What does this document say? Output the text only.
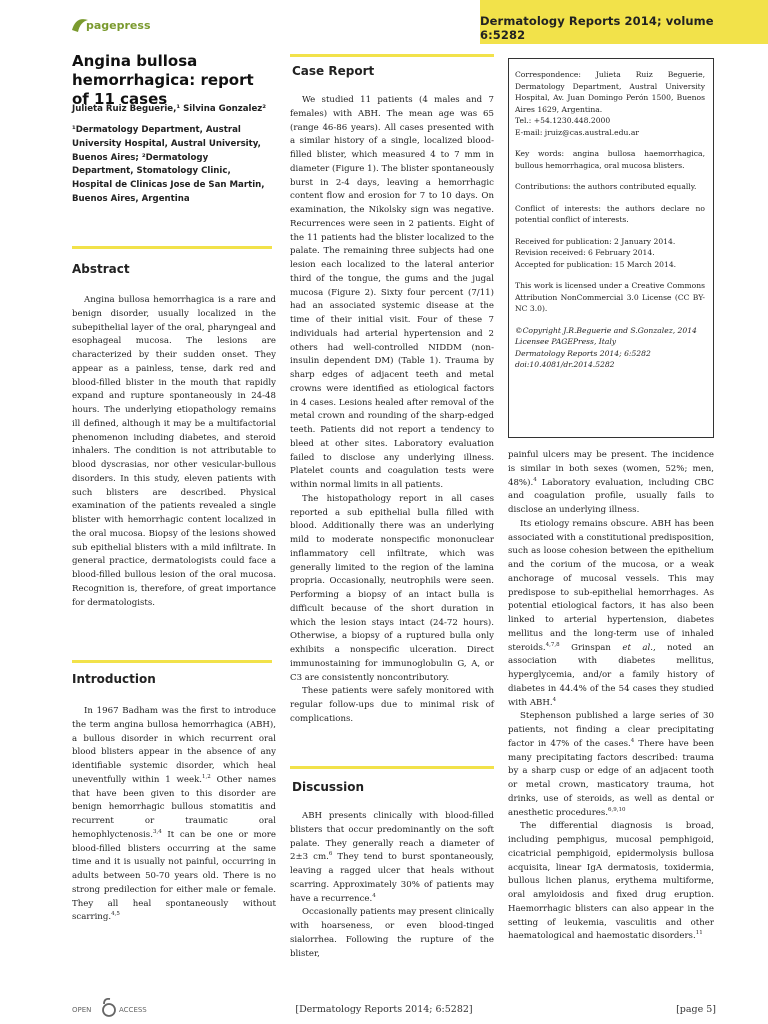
pagepress	Dermatology Reports 2014; volume 6:5282
Angina bullosa hemorrhagica: report of 11 cases
Julieta Ruiz Beguerie,¹ Silvina Gonzalez²
¹Dermatology Department, Austral University Hospital, Austral University, Buenos Aires; ²Dermatology Department, Stomatology Clinic, Hospital de Clinicas Jose de San Martin, Buenos Aires, Argentina
Abstract

Angina bullosa hemorrhagica is a rare and benign disorder, usually localized in the subepithelial layer of the oral, pharyngeal and esophageal mucosa. The lesions are characterized by their sudden onset. They appear as a painless, tense, dark red and blood-filled blister in the mouth that rapidly expand and rupture spontaneously in 24-48 hours. The underlying etiopathology remains ill defined, although it may be a multifactorial phenomenon including diabetes, and steroid inhalers. The condition is not attributable to blood dyscrasias, nor other vesicular-bullous disorders. In this study, eleven patients with such blisters are described. Physical examination of the patients revealed a single blister with hemorrhagic content localized in the oral mucosa. Biopsy of the lesions showed sub epithelial blisters with a mild infiltrate. In general practice, dermatologists could face a blood-filled bullous lesion of the oral mucosa. Recognition is, therefore, of great importance for dermatologists.

Introduction

In 1967 Badham was the first to introduce the term angina bullosa hemorrhagica (ABH), a bullous disorder in which recurrent oral blood blisters appear in the absence of any identifiable systemic disorder, which heal uneventfully within 1 week.$^{1,2}$ Other names that have been given to this disorder are benign hemorrhagic bullous stomatitis and recurrent or traumatic oral hemophlyctenosis.$^{3,4}$ It can be one or more blood-filled blisters occurring at the same time and it is usually not painful, occurring in adults between 50-70 years old. There is no strong predilection for either male or female. They all heal spontaneously without scarring.$^{4,5}$

Case Report

We studied 11 patients (4 males and 7 females) with ABH. The mean age was 65 (range 46-86 years). All cases presented with a similar history of a single, localized blood-filled blister, which measured 4 to 7 mm in diameter (Figure 1). The blister spontaneously burst in 2-4 days, leaving a hemorrhagic content flow and erosion for 7 to 10 days. On examination, the Nikolsky sign was negative. Recurrences were seen in 2 patients. Eight of the 11 patients had the blister localized to the palate. The remaining three subjects had one lesion each localized to the lateral anterior third of the tongue, the gums and the jugal mucosa (Figure 2). Sixty four percent (7/11) had an associated systemic disease at the time of their initial visit. Four of these 7 individuals had arterial hypertension and 2 others had well-controlled NIDDM (non-insulin dependent DM) (Table 1). Trauma by sharp edges of adjacent teeth and metal crowns were identified as etiological factors in 4 cases. Lesions healed after removal of the metal crown and rounding of the sharp-edged teeth. Patients did not report a tendency to bleed at other sites. Laboratory evaluation failed to disclose any underlying illness. Platelet counts and coagulation tests were within normal limits in all patients.

The histopathology report in all cases reported a sub epithelial bulla filled with blood. Additionally there was an underlying mild to moderate nonspecific mononuclear inflammatory cell infiltrate, which was generally limited to the region of the lamina propria. Occasionally, neutrophils were seen. Performing a biopsy of an intact bulla is difficult because of the short duration in which the lesion stays intact (24-72 hours). Otherwise, a biopsy of a ruptured bulla only exhibits a nonspecific ulceration. Direct immunostaining for immunoglobulin G, A, or C3 are consistently noncontributory.

These patients were safely monitored with regular follow-ups due to minimal risk of complications.

Discussion

ABH presents clinically with blood-filled blisters that occur predominantly on the soft palate. They generally reach a diameter of 2±3 cm.$^6$ They tend to burst spontaneously, leaving a ragged ulcer that heals without scarring. Approximately 30% of patients may have a recurrence.$^4$

Occasionally patients may present clinically with hoarseness, or even blood-tinged sialorrhea. Following the rupture of the blister,

Correspondence: Julieta Ruiz Beguerie, Dermatology Department, Austral University Hospital, Av. Juan Domingo Perón 1500, Buenos Aires 1629, Argentina.
Tel.: +54.1230.448.2000
E-mail: jruiz@cas.austral.edu.ar

Key words: angina bullosa haemorrhagica, bullous hemorrhagica, oral mucosa blisters.

Contributions: the authors contributed equally.

Conflict of interests: the authors declare no potential conflict of interests.

Received for publication: 2 January 2014.
Revision received: 6 February 2014.
Accepted for publication: 15 March 2014.

This work is licensed under a Creative Commons Attribution NonCommercial 3.0 License (CC BY-NC 3.0).

©Copyright J.R.Beguerie and S.Gonzalez, 2014
Licensee PAGEPress, Italy
Dermatology Reports 2014; 6:5282
doi:10.4081/dr.2014.5282

painful ulcers may be present. The incidence is similar in both sexes (women, 52%; men, 48%).$^4$ Laboratory evaluation, including CBC and coagulation profile, usually fails to disclose an underlying illness.

Its etiology remains obscure. ABH has been associated with a constitutional predisposition, such as loose cohesion between the epithelium and the corium of the mucosa, or a weak anchorage of mucosal vessels. This may predispose to sub-epithelial hemorrhages. As potential etiological factors, it has also been linked to arterial hypertension, diabetes mellitus and the long-term use of inhaled steroids.$^{4,7,8}$ Grinspan et al., noted an association with diabetes mellitus, hyperglycemia, and/or a family history of diabetes in 44.4% of the 54 cases they studied with ABH.$^4$

Stephenson published a large series of 30 patients, not finding a clear precipitating factor in 47% of the cases.$^4$ There have been many precipitating factors described: trauma by a sharp cusp or edge of an adjacent tooth or metal crown, masticatory trauma, hot drinks, use of steroids, as well as dental or anesthetic procedures.$^{6,9,10}$

The differential diagnosis is broad, including pemphigus, mucosal pemphigoid, cicatricial pemphigoid, epidermolysis bullosa acquisita, linear IgA dermatosis, toxidermia, bullous lichen planus, erythema multiforme, oral amyloidosis and fixed drug eruption. Haemorrhagic blisters can also appear in the setting of leukemia, vasculitis and other haematological and haemostatic disorders.$^{11}$

OPEN	ACCESS	[Dermatology Reports 2014; 6:5282]	[page 5]
